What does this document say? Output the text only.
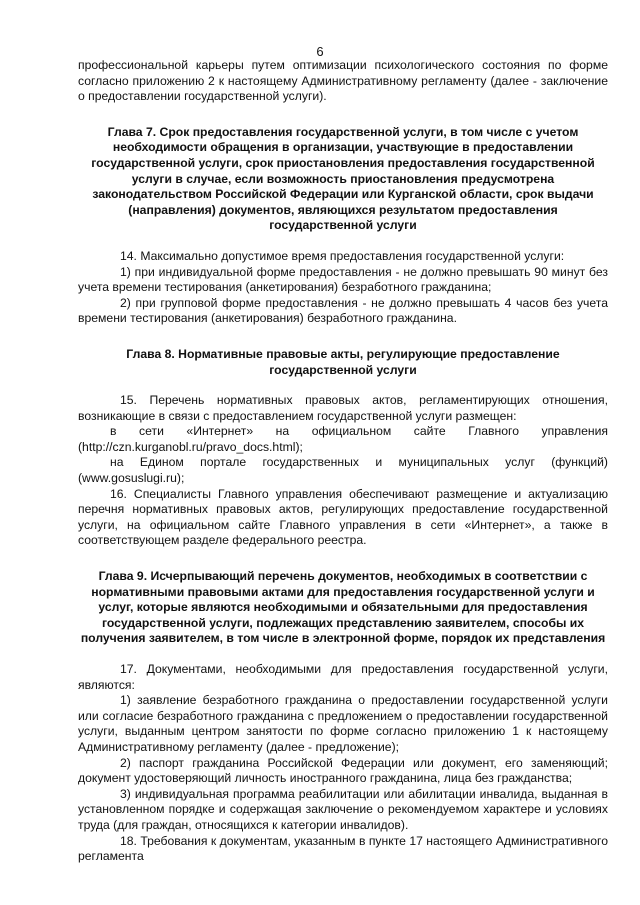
6

профессиональной карьеры путем оптимизации психологического состояния по форме согласно приложению 2 к настоящему Административному регламенту (далее - заключение о предоставлении государственной услуги).

Глава 7. Срок предоставления государственной услуги, в том числе с учетом необходимости обращения в организации, участвующие в предоставлении государственной услуги, срок приостановления предоставления государственной услуги в случае, если возможность приостановления предусмотрена законодательством Российской Федерации или Курганской области, срок выдачи (направления) документов, являющихся результатом предоставления государственной услуги

14. Максимально допустимое время предоставления государственной услуги:

1) при индивидуальной форме предоставления - не должно превышать 90 минут без учета времени тестирования (анкетирования) безработного гражданина;

2) при групповой форме предоставления - не должно превышать 4 часов без учета времени тестирования (анкетирования) безработного гражданина.

Глава 8. Нормативные правовые акты, регулирующие предоставление государственной услуги

15. Перечень нормативных правовых актов, регламентирующих отношения, возникающие в связи с предоставлением государственной услуги размещен:

в сети «Интернет» на официальном сайте Главного управления (http://czn.kurganobl.ru/pravo_docs.html);

на Едином портале государственных и муниципальных услуг (функций) (www.gosuslugi.ru);

16. Специалисты Главного управления обеспечивают размещение и актуализацию перечня нормативных правовых актов, регулирующих предоставление государственной услуги, на официальном сайте Главного управления в сети «Интернет», а также в соответствующем разделе федерального реестра.

Глава 9. Исчерпывающий перечень документов, необходимых в соответствии с нормативными правовыми актами для предоставления государственной услуги и услуг, которые являются необходимыми и обязательными для предоставления государственной услуги, подлежащих представлению заявителем, способы их получения заявителем, в том числе в электронной форме, порядок их представления

17. Документами, необходимыми для предоставления государственной услуги, являются:

1) заявление безработного гражданина о предоставлении государственной услуги или согласие безработного гражданина с предложением о предоставлении государственной услуги, выданным центром занятости по форме согласно приложению 1 к настоящему Административному регламенту (далее - предложение);

2) паспорт гражданина Российской Федерации или документ, его заменяющий; документ удостоверяющий личность иностранного гражданина, лица без гражданства;

3) индивидуальная программа реабилитации или абилитации инвалида, выданная в установленном порядке и содержащая заключение о рекомендуемом характере и условиях труда (для граждан, относящихся к категории инвалидов).

18. Требования к документам, указанным в пункте 17 настоящего Административного регламента
